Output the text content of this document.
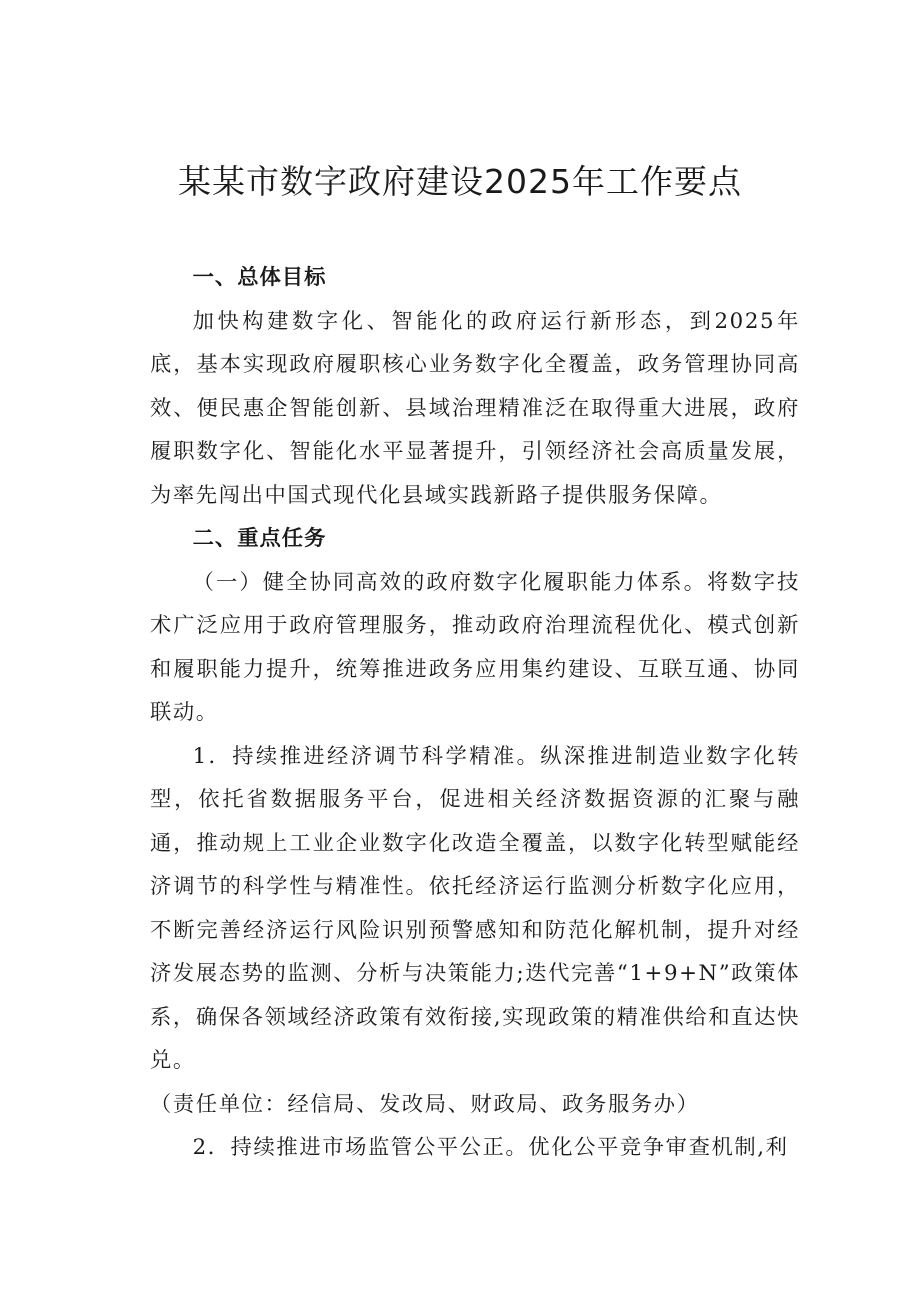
某某市数字政府建设2025年工作要点
一、总体目标

加快构建数字化、智能化的政府运行新形态，到2025年底，基本实现政府履职核心业务数字化全覆盖，政务管理协同高效、便民惠企智能创新、县域治理精准泛在取得重大进展，政府履职数字化、智能化水平显著提升，引领经济社会高质量发展，为率先闯出中国式现代化县域实践新路子提供服务保障。

二、重点任务

（一）健全协同高效的政府数字化履职能力体系。将数字技术广泛应用于政府管理服务，推动政府治理流程优化、模式创新和履职能力提升，统筹推进政务应用集约建设、互联互通、协同联动。

1．持续推进经济调节科学精准。纵深推进制造业数字化转型，依托省数据服务平台，促进相关经济数据资源的汇聚与融通，推动规上工业企业数字化改造全覆盖，以数字化转型赋能经济调节的科学性与精准性。依托经济运行监测分析数字化应用，不断完善经济运行风险识别预警感知和防范化解机制，提升对经济发展态势的监测、分析与决策能力;迭代完善“1+9+N”政策体系，确保各领域经济政策有效衔接,实现政策的精准供给和直达快兑。

（责任单位：经信局、发改局、财政局、政务服务办）

2．持续推进市场监管公平公正。优化公平竞争审查机制,利
